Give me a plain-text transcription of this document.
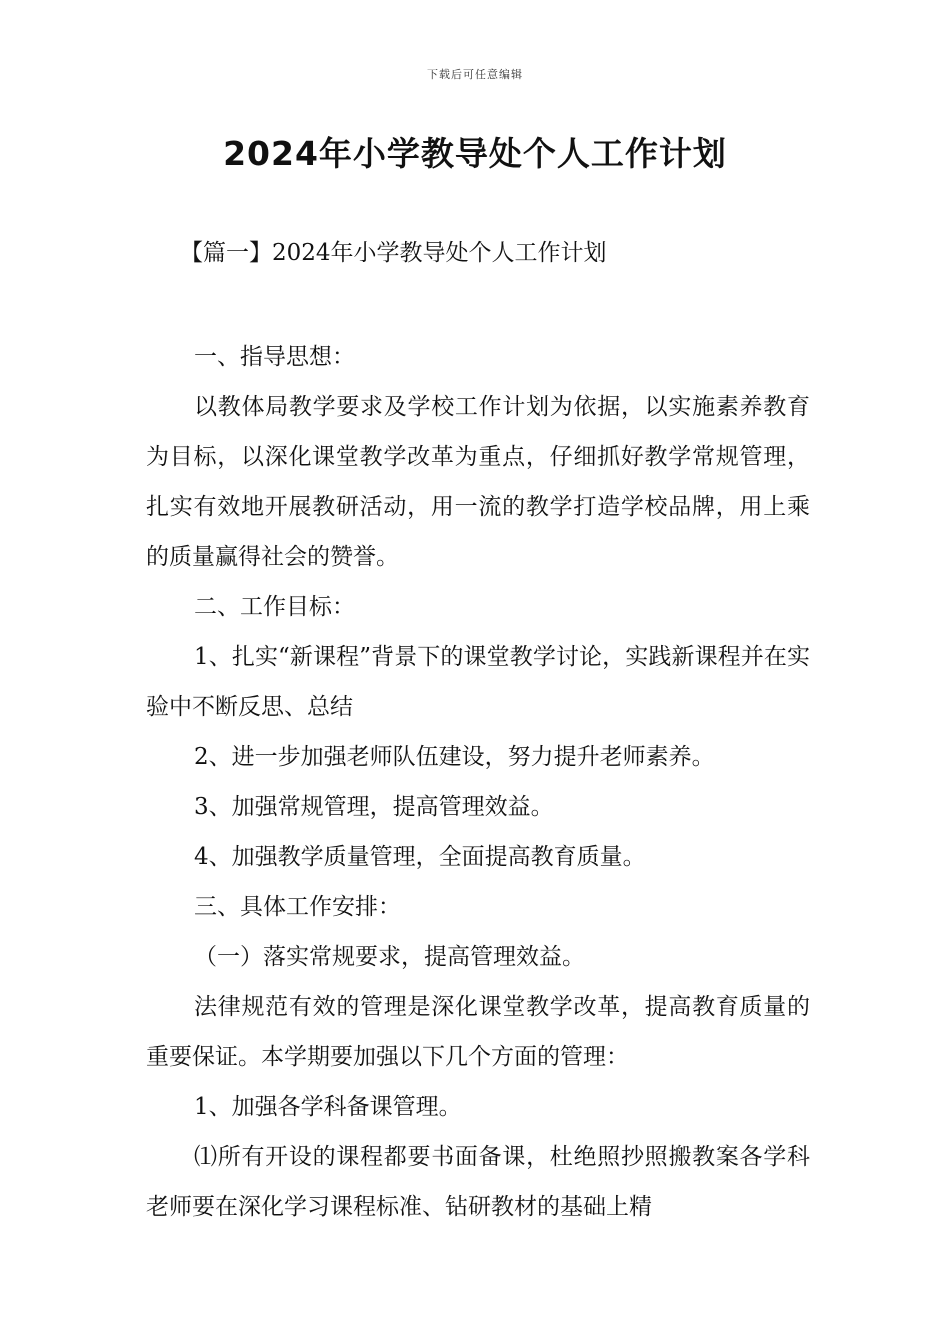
下载后可任意编辑
2024年小学教导处个人工作计划
【篇一】2024年小学教导处个人工作计划

一、指导思想：

以教体局教学要求及学校工作计划为依据，以实施素养教育为目标，以深化课堂教学改革为重点，仔细抓好教学常规管理，扎实有效地开展教研活动，用一流的教学打造学校品牌，用上乘的质量赢得社会的赞誉。

二、工作目标：

1、扎实“新课程”背景下的课堂教学讨论，实践新课程并在实验中不断反思、总结

2、进一步加强老师队伍建设，努力提升老师素养。

3、加强常规管理，提高管理效益。

4、加强教学质量管理，全面提高教育质量。

三、具体工作安排：

（一）落实常规要求，提高管理效益。

法律规范有效的管理是深化课堂教学改革，提高教育质量的重要保证。本学期要加强以下几个方面的管理：

1、加强各学科备课管理。

⑴所有开设的课程都要书面备课，杜绝照抄照搬教案各学科老师要在深化学习课程标准、钻研教材的基础上精
